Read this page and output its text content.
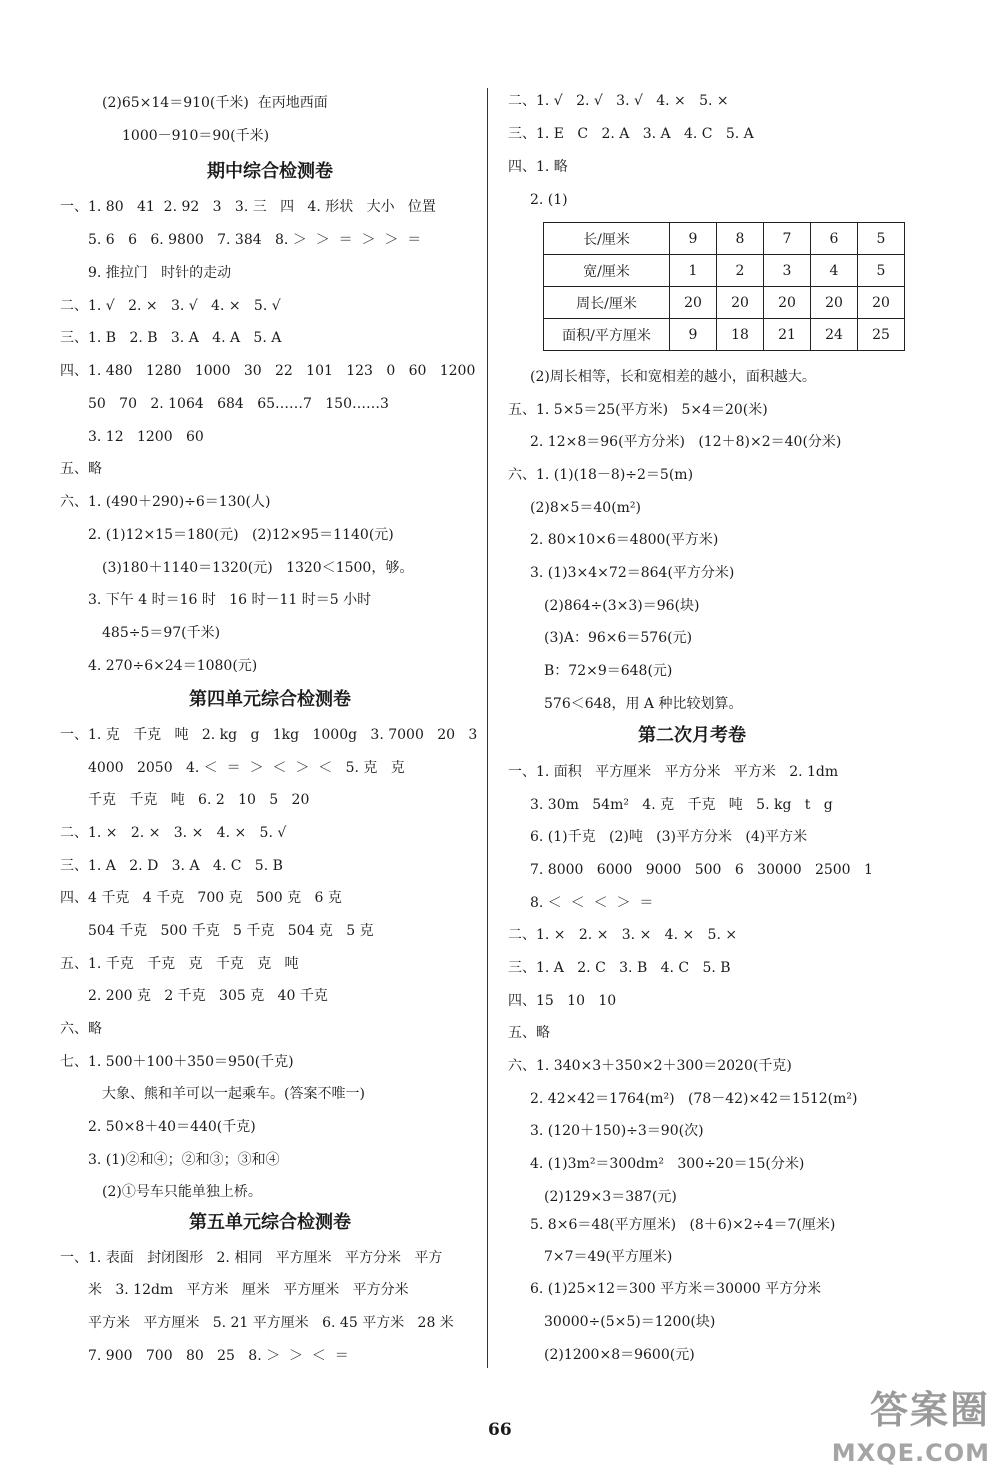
(2)65×14＝910(千米)  在丙地西面
1000－910＝90(千米)
期中综合检测卷
一、1. 80   41  2. 92   3   3. 三   四   4. 形状   大小   位置
5. 6   6   6. 9800   7. 384   8. ＞  ＞  ＝  ＞  ＞  ＝
9. 推拉门   时针的走动
二、1. √   2. ×   3. √   4. ×   5. √
三、1. B   2. B   3. A   4. A   5. A
四、1. 480   1280   1000   30   22   101   123   0   60   1200
50   70   2. 1064   684   65……7   150……3
3. 12   1200   60
五、略
六、1. (490＋290)÷6＝130(人)
2. (1)12×15＝180(元)   (2)12×95＝1140(元)
(3)180＋1140＝1320(元)   1320＜1500，够。
3. 下午 4 时＝16 时   16 时－11 时＝5 小时
485÷5＝97(千米)
4. 270÷6×24＝1080(元)
第四单元综合检测卷
一、1. 克   千克   吨   2. kg   g   1kg   1000g   3. 7000   20   3
4000   2050   4. ＜  ＝  ＞  ＜  ＞  ＜   5. 克   克
千克   千克   吨   6. 2   10   5   20
二、1. ×   2. ×   3. ×   4. ×   5. √
三、1. A   2. D   3. A   4. C   5. B
四、4 千克   4 千克   700 克   500 克   6 克
504 千克   500 千克   5 千克   504 克   5 克
五、1. 千克   千克   克   千克   克   吨
2. 200 克   2 千克   305 克   40 千克
六、略
七、1. 500＋100＋350＝950(千克)
大象、熊和羊可以一起乘车。(答案不唯一)
2. 50×8＋40＝440(千克)
3. (1)②和④；②和③；③和④
(2)①号车只能单独上桥。
第五单元综合检测卷
一、1. 表面   封闭图形   2. 相同   平方厘米   平方分米   平方
米   3. 12dm   平方米   厘米   平方厘米   平方分米
平方米   平方厘米   5. 21 平方厘米   6. 45 平方米   28 米
7. 900   700   80   25   8. ＞  ＞  ＜  ＝
二、1. √   2. √   3. √   4. ×   5. ×
三、1. E   C   2. A   3. A   4. C   5. A
四、1. 略
2. (1)
长/厘米	9	8	7	6	5
宽/厘米	1	2	3	4	5
周长/厘米	20	20	20	20	20
面积/平方厘米	9	18	21	24	25
(2)周长相等，长和宽相差的越小，面积越大。
五、1. 5×5＝25(平方米)   5×4＝20(米)
2. 12×8＝96(平方分米)   (12＋8)×2＝40(分米)
六、1. (1)(18－8)÷2＝5(m)
(2)8×5＝40(m²)
2. 80×10×6＝4800(平方米)
3. (1)3×4×72＝864(平方分米)
(2)864÷(3×3)＝96(块)
(3)A：96×6＝576(元)
B：72×9＝648(元)
576＜648，用 A 种比较划算。
第二次月考卷
一、1. 面积   平方厘米   平方分米   平方米   2. 1dm
3. 30m   54m²   4. 克   千克   吨   5. kg   t   g
6. (1)千克   (2)吨   (3)平方分米   (4)平方米
7. 8000   6000   9000   500   6   30000   2500   1
8. ＜  ＜  ＜  ＞  ＝
二、1. ×   2. ×   3. ×   4. ×   5. ×
三、1. A   2. C   3. B   4. C   5. B
四、15   10   10
五、略
六、1. 340×3＋350×2＋300＝2020(千克)
2. 42×42＝1764(m²)   (78－42)×42＝1512(m²)
3. (120＋150)÷3＝90(次)
4. (1)3m²＝300dm²   300÷20＝15(分米)
(2)129×3＝387(元)
5. 8×6＝48(平方厘米)   (8＋6)×2÷4＝7(厘米)
7×7＝49(平方厘米)
6. (1)25×12＝300 平方米＝30000 平方分米
30000÷(5×5)＝1200(块)
(2)1200×8＝9600(元)
66	答案圈
MXQE.COM
